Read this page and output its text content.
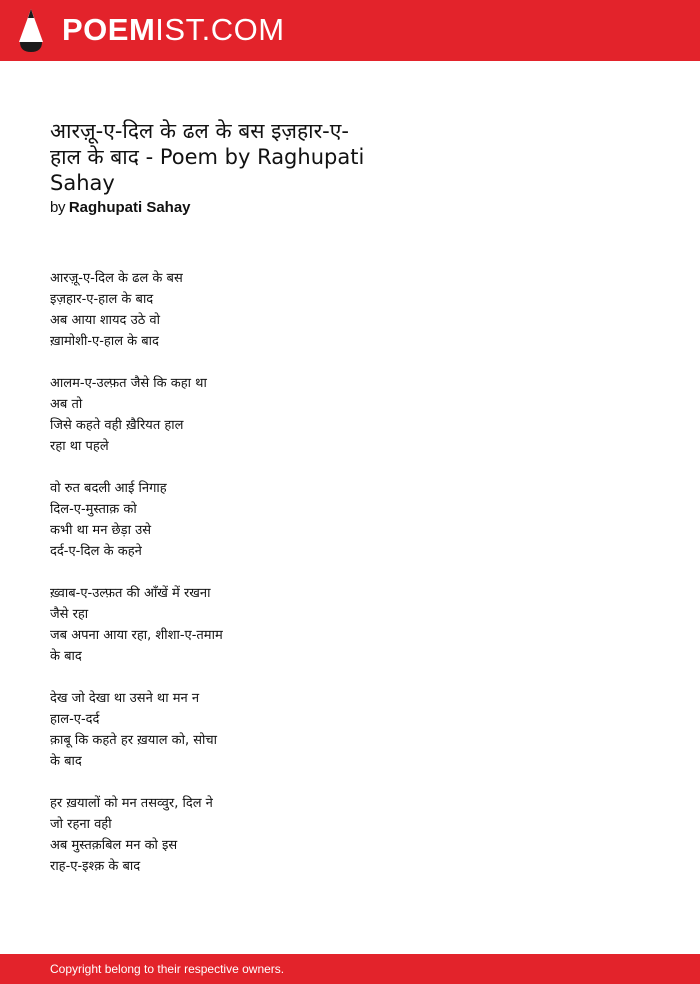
POEMIST.COM
आरज़ू-ए-दिल के ढल के बस इज़हार-ए-हाल के बाद - Poem by Raghupati Sahay
by Raghupati Sahay
आरज़ू-ए-दिल के ढल के बस
इज़हार-ए-हाल के बाद
अब आया शायद उठे वो
ख़ामोशी-ए-हाल के बाद
आलम-ए-उल्फ़त जैसे कि कहा था
अब तो
जिसे कहते वही ख़ैरियत हाल
रहा था पहले
वो रुत बदली आई निगाह
दिल-ए-मुस्ताक़ को
कभी था मन छेड़ा उसे
दर्द-ए-दिल के कहने
ख़्वाब-ए-उल्फ़त की आँखें में रखना
जैसे रहा
जब अपना आया रहा, शीशा-ए-तमाम
के बाद
देख जो देखा था उसने था मन न
हाल-ए-दर्द
क़ाबू कि कहते हर ख़याल को, सोचा
के बाद
हर ख़यालों को मन तसव्वुर, दिल ने
जो रहना वही
अब मुस्तक़बिल मन को इस
राह-ए-इश्क़ के बाद
Copyright belong to their respective owners.
